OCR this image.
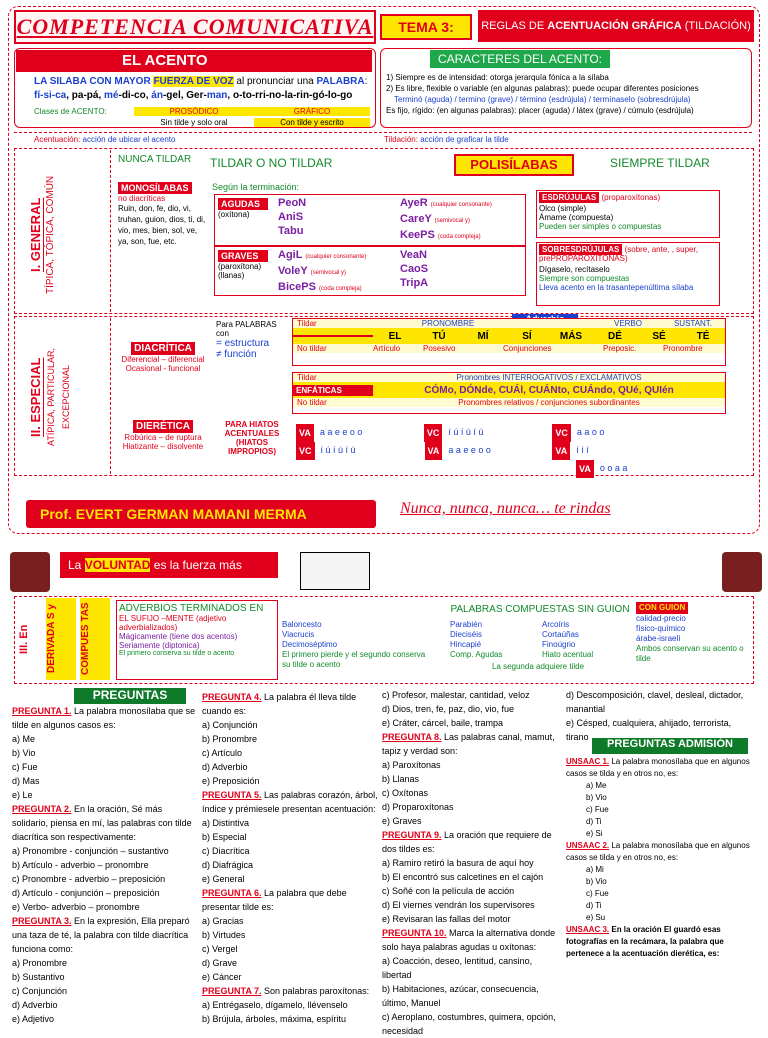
COMPETENCIA COMUNICATIVA	TEMA 3:	REGLAS DE ACENTUACIÓN GRÁFICA (TILDACIÓN)
EL ACENTO
LA SILABA CON MAYOR FUERZA DE VOZ al pronunciar una PALABRA: fí-si-ca, pa-pá, mé-di-co, án-gel, Ger-man, o-to-rri-no-la-rin-gó-lo-go
Clases de ACENTO:	PROSÓDICO	GRÁFICO
Sin tilde y solo oral	Con tilde y escrito
Acentuación: acción de ubicar el acento	Tildación: acción de graficar la tilde
CARACTERES DEL ACENTO:
1) Siempre es de intensidad: otorga jerarquía fónica a la sílaba
2) Es libre, flexible o variable (en algunas palabras): puede ocupar diferentes posiciones
Terminó (aguda) / termino (grave) / término (esdrújula) / termínaselo (sobresdrújula)
Es fijo, rígido: (en algunas palabras): placer (aguda) / látex (grave) / cúmulo (esdrújula)
I. GENERAL TÍPICA, TÓPICA, COMÚN
NUNCA TILDAR	TILDAR O NO TILDAR	POLISÍLABAS	SIEMPRE TILDAR
MONOSÍLABAS
no diacríticas
Ruin, don, fe, dio, vi, truhan, guion, dios, ti, di, vio, mes, bien, sol, ve, ya, son, fue, etc.
Según la terminación:
AGUDAS
(oxítona)
PeoN
AniS
Tabu
AyeR (cualquier consonante)
CareY (semivocal y)
KeePS (coda compleja)
GRAVES
(paroxítona) (llanas)
AgiL (cualquier consonante)
VoleY (semivocal y)
BicePS (coda compleja)
VeaN
CaoS
TripA
ESDRÚJULAS (proparoxítonas)
Olco (simple)
Ámame (compuesta)
Pueden ser simples o compuestas
SOBRESDRÚJULAS (sobre, ante, , super, prePROPAROXÍTONAS)
Dígaselo, recítaselo
Siempre son compuestas
Lleva acento en la trasantepenúltima sílaba
II. ESPECIAL ATÍPICA, PARTICULAR, EXCEPCIONAL
DIACRÍTICA
Diferencial – diferencial
Ocasional - funcional
Para PALABRAS con
= estructura
≠ función
Tildar	PRONOMBRE	VERBO	SUSTANT.
EL	TÚ	MÍ	SÍ	MÁS	DÉ	SÉ	TÉ
No tildar	Artículo	Posesivo	Conjunciones	Preposic.	Pronombre
Tildar	Pronombres INTERROGATIVOS / EXCLAMATIVOS
ENFÁTICAS	CÓMo, DÓNde, CUÁl, CUÁNto, CUÁndo, QUé, QUIén
No tildar	Pronombres relativos / conjunciones subordinantes
DIERÉTICA
Robúrica – de ruptura
Hiatizante – disolvente
PARA HIATOS ACENTUALES (HIATOS IMPROPIOS)
VA	a a e e o o	VC	í ú í ú í ú	VC	a a o o
VC	í ú í ú í ú	VA	a a e e o o	VA	í í í
VA	o o a a
Prof. EVERT GERMAN MAMANI MERMA	Nunca, nunca, nunca… te rindas
La VOLUNTAD es la fuerza más poderosa
III. En	DERIVADA S y	COMPUES TAS	ADVERBIOS TERMINADOS EN
EL SUFIJO –MENTE (adjetivo adverbializados)
Mágicamente (tiene dos acentos)
Seriamente (diptonica)
El primero conserva su tilde o acento
PALABRAS COMPUESTAS SIN GUION
Baloncesto
Viacrucis
Decimoséptimo
El primero pierde y el segundo conserva su tilde o acento
Parabién
Dieciséis
Hincapié
Comp. Agudas
Arcoíris
Cortaúñas
Finoúgrio
Hiato acentual
La segunda adquiere tilde
CON GUION
calidad-precio
físico-químico
árabe-israelí
Ambos conservan su acento o tilde
PREGUNTAS
PREGUNTA 1. La palabra monosílaba que se tilde en algunos casos es:
a) Me
b) Vio
c) Fue
d) Mas
e) Le
PREGUNTA 2. En la oración, Sé más solidario, piensa en mí, las palabras con tilde diacrítica son respectivamente:
a) Pronombre - conjunción – sustantivo
b) Artículo - adverbio – pronombre
c) Pronombre - adverbio – preposición
d) Artículo - conjunción – preposición
e) Verbo- adverbio – pronombre
PREGUNTA 3. En la expresión, Ella preparó una taza de té, la palabra con tilde diacrítica funciona como:
a) Pronombre
b) Sustantivo
c) Conjunción
d) Adverbio
e) Adjetivo
PREGUNTA 4. La palabra él lleva tilde cuando es:
a) Conjunción
b) Pronombre
c) Artículo
d) Adverbio
e) Preposición
PREGUNTA 5. Las palabras corazón, árbol, índice y prémiesele presentan acentuación:
a) Distintiva
b) Especial
c) Diacrítica
d) Diafrágica
e) General
PREGUNTA 6. La palabra que debe presentar tilde es:
a) Gracias
b) Virtudes
c) Vergel
d) Grave
e) Cáncer
PREGUNTA 7. Son palabras paroxítonas:
a) Entrégaselo, dígamelo, llévenselo
b) Brújula, árboles, máxima, espíritu
c) Profesor, malestar, cantidad, veloz
d) Dios, tren, fe, paz, dio, vio, fue
e) Cráter, cárcel, baile, trampa
PREGUNTA 8. Las palabras canal, mamut, tapiz y verdad son:
a) Paroxítonas
b) Llanas
c) Oxítonas
d) Proparoxítonas
e) Graves
PREGUNTA 9. La oración que requiere de dos tildes es:
a) Ramiro retiró la basura de aquí hoy
b) El encontró sus calcetines en el cajón
c) Soñé con la película de acción
d) El viernes vendrán los supervisores
e) Revisaran las fallas del motor
PREGUNTA 10. Marca la alternativa donde solo haya palabras agudas u oxítonas:
a) Coacción, deseo, lentitud, cansino, libertad
b) Habitaciones, azúcar, consecuencia, último, Manuel
c) Aeroplano, costumbres, quimera, opción, necesidad
d) Descomposición, clavel, desleal, dictador, manantial
e) Césped, cualquiera, ahijado, terrorista, tirano
PREGUNTAS ADMISIÓN
UNSAAC 1. La palabra monosílaba que en algunos casos se tilda y en otros no, es:
a) Me
b) Vio
c) Fue
d) Ti
e) Si
UNSAAC 2. La palabra monosílaba que en algunos casos se tilda y en otros no, es:
a) Mi
b) Vio
c) Fue
d) Ti
e) Su
UNSAAC 3. En la oración El guardó esas fotografías en la recámara, la palabra que pertenece a la acentuación dierética, es:
